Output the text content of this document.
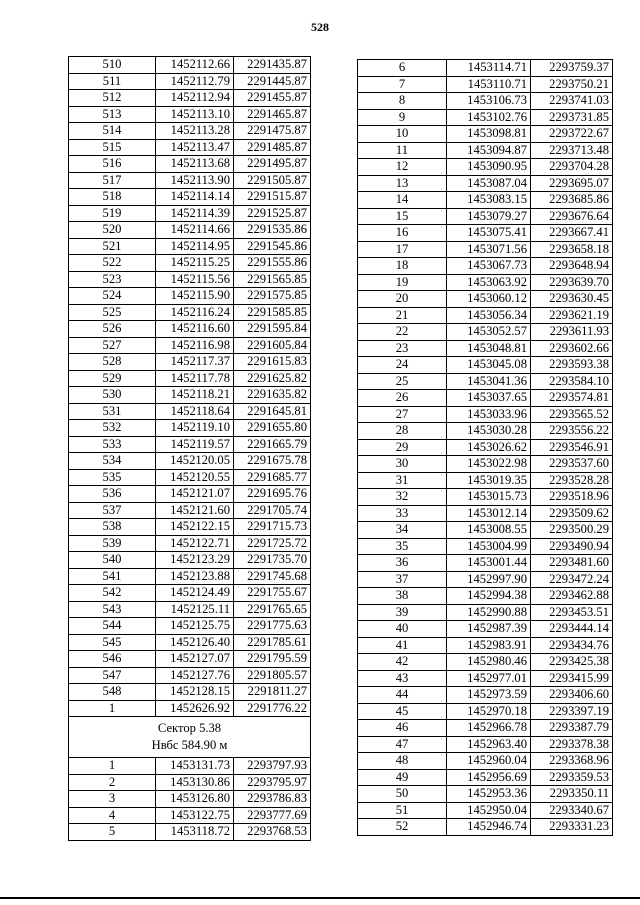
528
510	1452112.66	2291435.87
511	1452112.79	2291445.87
512	1452112.94	2291455.87
513	1452113.10	2291465.87
514	1452113.28	2291475.87
515	1452113.47	2291485.87
516	1452113.68	2291495.87
517	1452113.90	2291505.87
518	1452114.14	2291515.87
519	1452114.39	2291525.87
520	1452114.66	2291535.86
521	1452114.95	2291545.86
522	1452115.25	2291555.86
523	1452115.56	2291565.85
524	1452115.90	2291575.85
525	1452116.24	2291585.85
526	1452116.60	2291595.84
527	1452116.98	2291605.84
528	1452117.37	2291615.83
529	1452117.78	2291625.82
530	1452118.21	2291635.82
531	1452118.64	2291645.81
532	1452119.10	2291655.80
533	1452119.57	2291665.79
534	1452120.05	2291675.78
535	1452120.55	2291685.77
536	1452121.07	2291695.76
537	1452121.60	2291705.74
538	1452122.15	2291715.73
539	1452122.71	2291725.72
540	1452123.29	2291735.70
541	1452123.88	2291745.68
542	1452124.49	2291755.67
543	1452125.11	2291765.65
544	1452125.75	2291775.63
545	1452126.40	2291785.61
546	1452127.07	2291795.59
547	1452127.76	2291805.57
548	1452128.15	2291811.27
1	1452626.92	2291776.22

Сектор 5.38
Нвбс 584.90 м		

1	1453131.73	2293797.93
2	1453130.86	2293795.97
3	1453126.80	2293786.83
4	1453122.75	2293777.69
5	1453118.72	2293768.53
6	1453114.71	2293759.37
7	1453110.71	2293750.21
8	1453106.73	2293741.03
9	1453102.76	2293731.85
10	1453098.81	2293722.67
11	1453094.87	2293713.48
12	1453090.95	2293704.28
13	1453087.04	2293695.07
14	1453083.15	2293685.86
15	1453079.27	2293676.64
16	1453075.41	2293667.41
17	1453071.56	2293658.18
18	1453067.73	2293648.94
19	1453063.92	2293639.70
20	1453060.12	2293630.45
21	1453056.34	2293621.19
22	1453052.57	2293611.93
23	1453048.81	2293602.66
24	1453045.08	2293593.38
25	1453041.36	2293584.10
26	1453037.65	2293574.81
27	1453033.96	2293565.52
28	1453030.28	2293556.22
29	1453026.62	2293546.91
30	1453022.98	2293537.60
31	1453019.35	2293528.28
32	1453015.73	2293518.96
33	1453012.14	2293509.62
34	1453008.55	2293500.29
35	1453004.99	2293490.94
36	1453001.44	2293481.60
37	1452997.90	2293472.24
38	1452994.38	2293462.88
39	1452990.88	2293453.51
40	1452987.39	2293444.14
41	1452983.91	2293434.76
42	1452980.46	2293425.38
43	1452977.01	2293415.99
44	1452973.59	2293406.60
45	1452970.18	2293397.19
46	1452966.78	2293387.79
47	1452963.40	2293378.38
48	1452960.04	2293368.96
49	1452956.69	2293359.53
50	1452953.36	2293350.11
51	1452950.04	2293340.67
52	1452946.74	2293331.23
